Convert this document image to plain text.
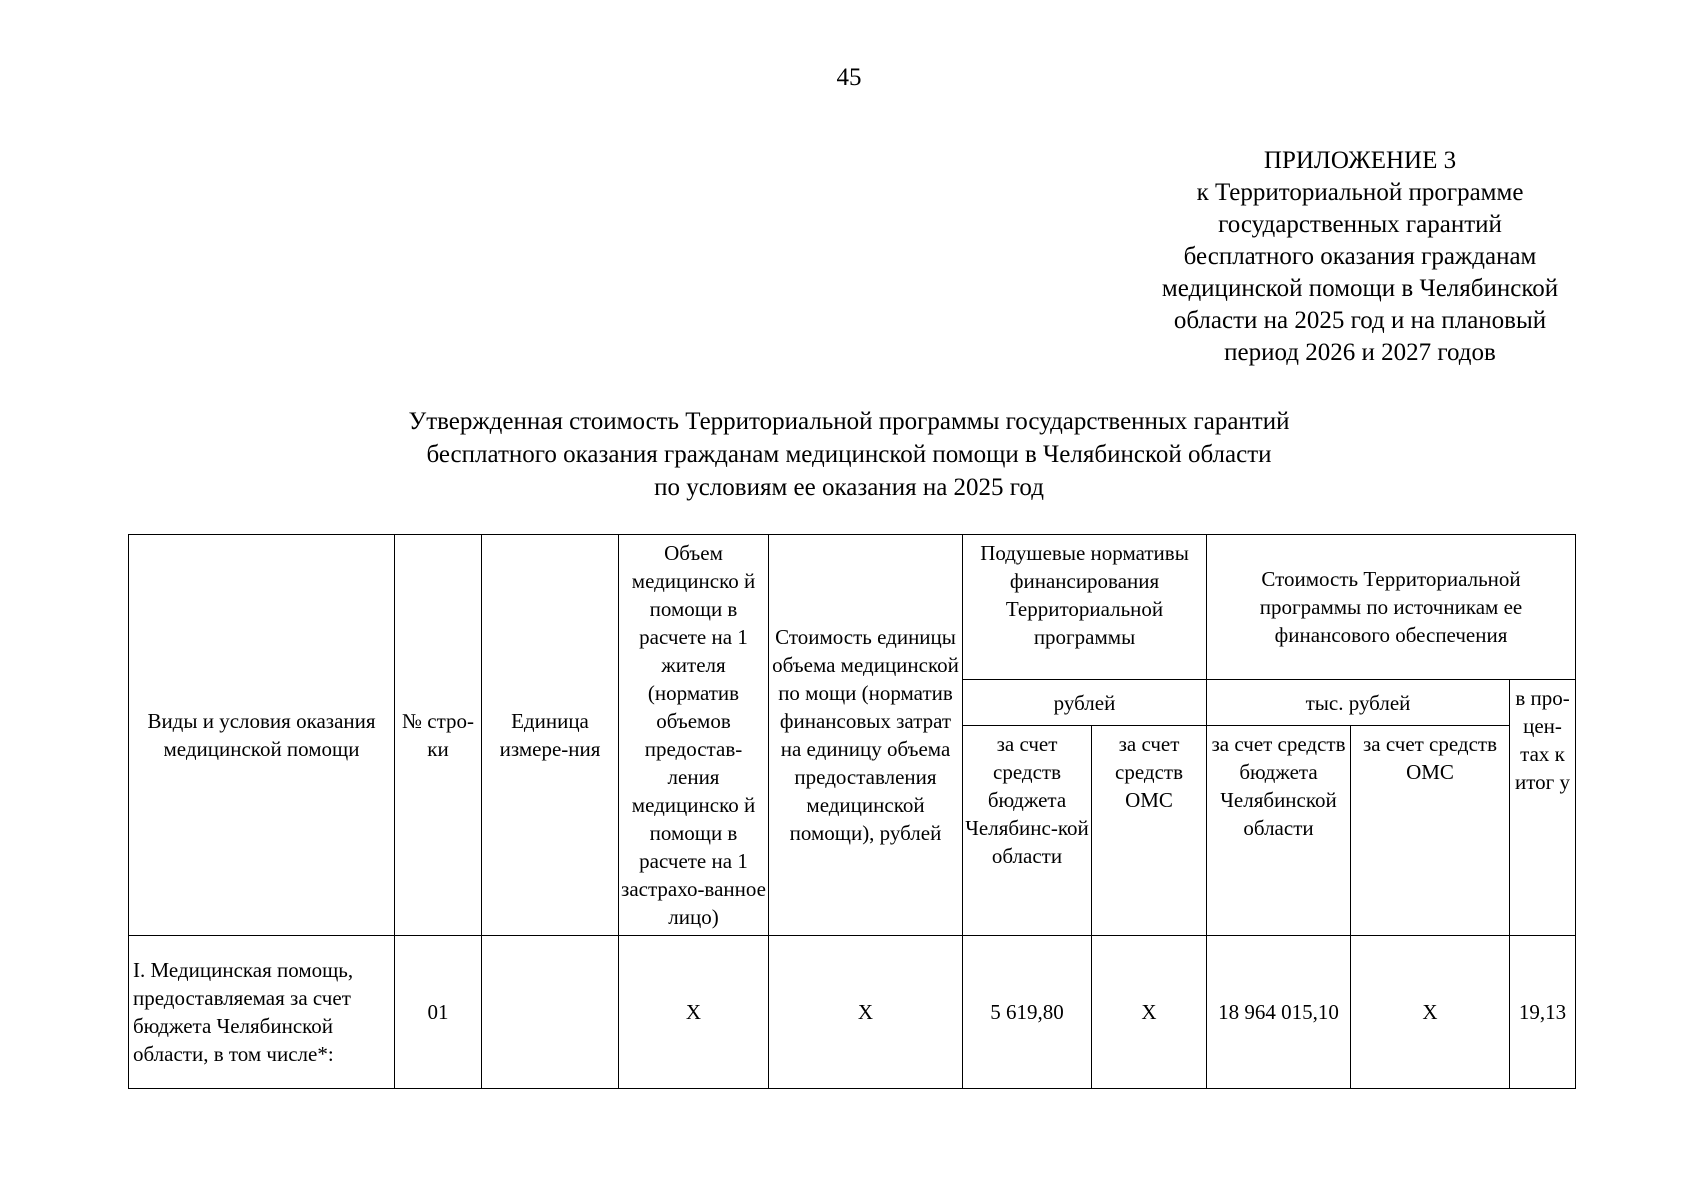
45
ПРИЛОЖЕНИЕ 3
к Территориальной программе
государственных гарантий
бесплатного оказания гражданам
медицинской помощи в Челябинской
области на 2025 год и на плановый
период 2026 и 2027 годов
Утвержденная стоимость Территориальной программы государственных гарантий
бесплатного оказания гражданам медицинской помощи в Челябинской области
по условиям ее оказания на 2025 год
Виды и условия оказания медицинской помощи	№ стро-ки	Единица измере-ния	Объем медицинско й помощи в расчете на 1 жителя (норматив объемов предостав-ления медицинско й помощи в расчете на 1 застрахо-ванное лицо)	Стоимость единицы объема медицинской по мощи (норматив финансовых затрат на единицу объема предоставления медицинской помощи), рублей	Подушевые нормативы финансирования Территориальной программы		Стоимость Территориальной программы по источникам ее финансового обеспечения		
					рублей		тыс. рублей		в про-цен-тах к итог у
					за счет средств бюджета Челябинс-кой области	за счет средств ОМС	за счет средств бюджета Челябинской области	за счет средств ОМС	
I. Медицинская помощь, предоставляемая за счет бюджета Челябинской области, в том числе*:	01		X	X	5 619,80	X	18 964 015,10	X	19,13
